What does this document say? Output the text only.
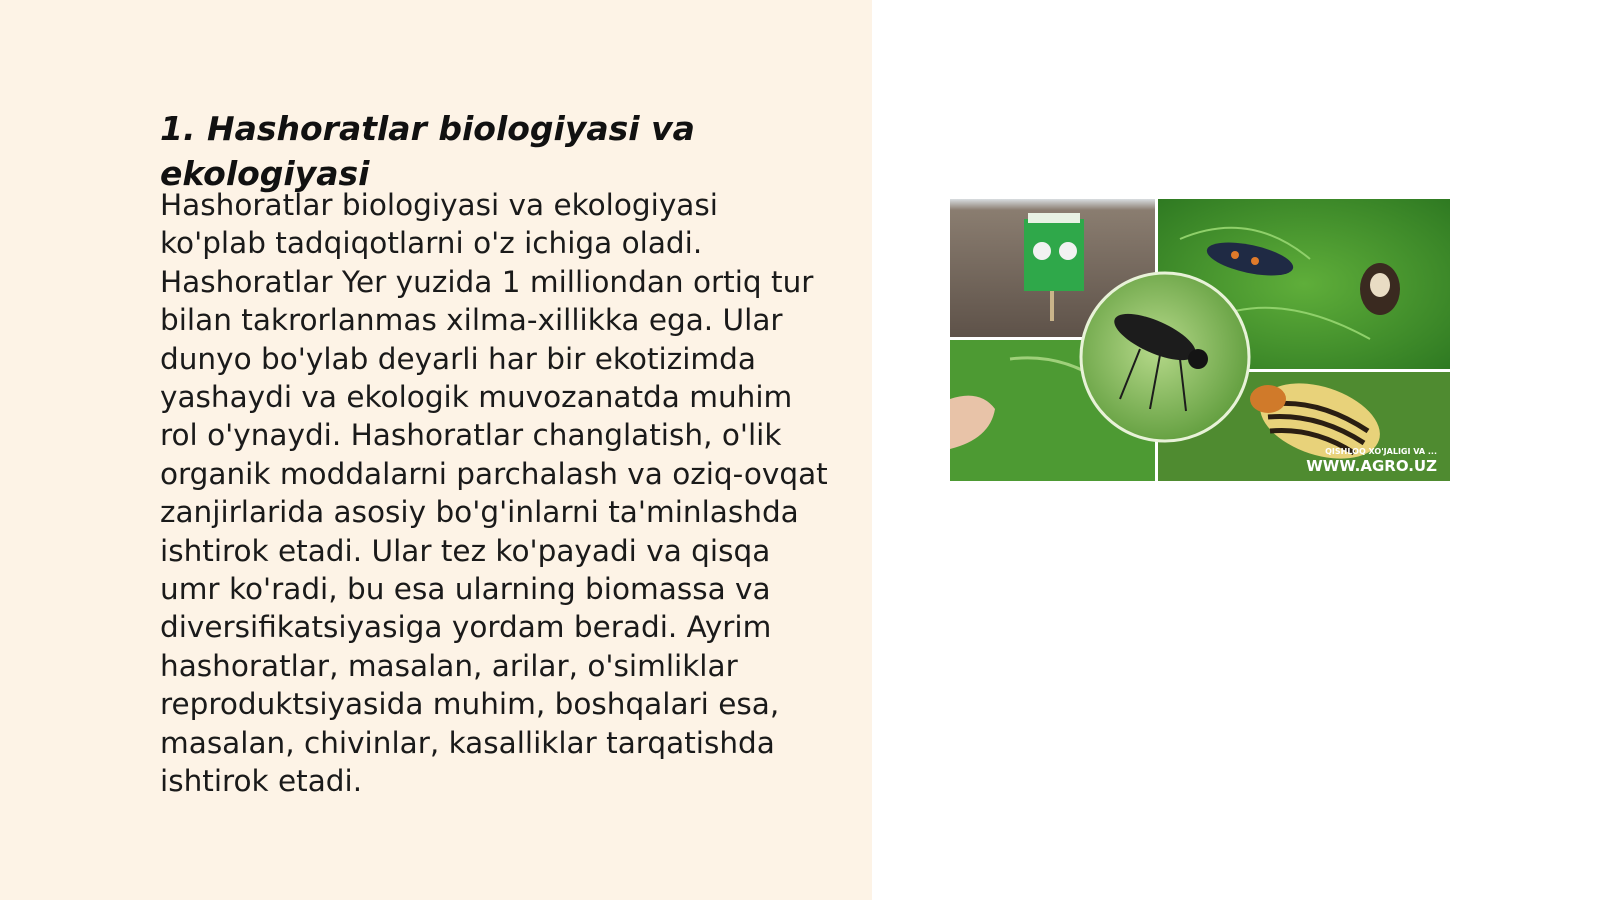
1. Hashoratlar biologiyasi va ekologiyasi

Hashoratlar biologiyasi va ekologiyasi
ko'plab tadqiqotlarni o'z ichiga oladi.
Hashoratlar Yer yuzida 1 milliondan ortiq tur
bilan takrorlanmas xilma-xillikka ega. Ular
dunyo bo'ylab deyarli har bir ekotizimda
yashaydi va ekologik muvozanatda muhim
rol o'ynaydi. Hashoratlar changlatish, o'lik
organik moddalarni parchalash va oziq-ovqat
zanjirlarida asosiy bo'g'inlarni ta'minlashda
ishtirok etadi. Ular tez ko'payadi va qisqa
umr ko'radi, bu esa ularning biomassa va
diversifikatsiyasiga yordam beradi. Ayrim
hashoratlar, masalan, arilar, o'simliklar
reproduktsiyasida muhim, boshqalari esa,
masalan, chivinlar, kasalliklar tarqatishda
ishtirok etadi.

QISHLOQ XO'JALIGI VA ...
WWW.AGRO.UZ
